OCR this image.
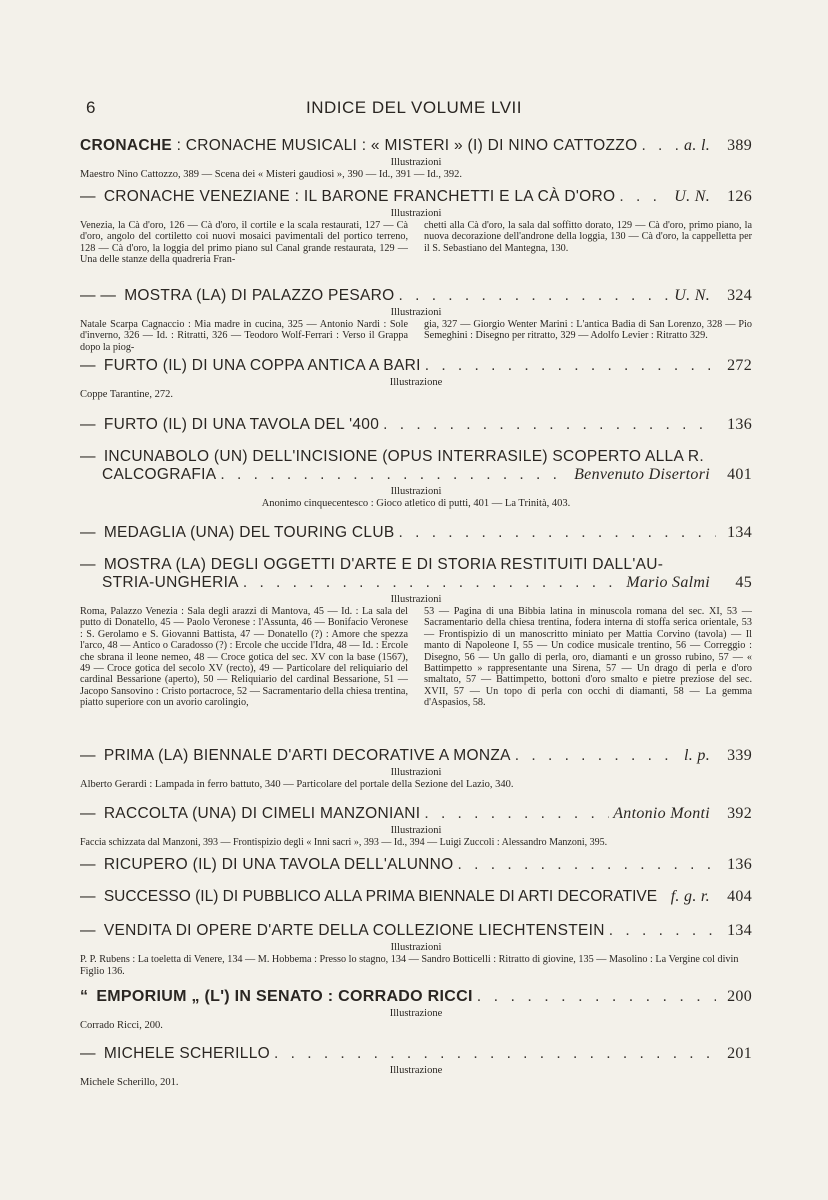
6	INDICE DEL VOLUME LVII
CRONACHE : CRONACHE MUSICALI : « MISTERI » (I) DI NINO CATTOZZO . . .	a. l.	389
Illustrazioni
Maestro Nino Cattozzo, 389 — Scena dei « Misteri gaudiosi », 390 — Id., 391 — Id., 392.
— CRONACHE VENEZIANE : IL BARONE FRANCHETTI E LA CÀ D'ORO . . .	U. N.	126
Illustrazioni
Venezia, la Cà d'oro, 126 — Cà d'oro, il cortile e la scala restaurati, 127 — Cà d'oro, angolo del cortiletto coi nuovi mosaici pavimentali del portico terreno, 128 — Cà d'oro, la loggia del primo piano sul Canal grande restaurata, 129 — Una delle stanze della quadreria Fran-
chetti alla Cà d'oro, la sala dal soffitto dorato, 129 — Cà d'oro, primo piano, la nuova decorazione dell'androne della loggia, 130 — Cà d'oro, la cappelletta per il S. Sebastiano del Mantegna, 130.
— — MOSTRA (LA) DI PALAZZO PESARO . . .	U. N.	324
Illustrazioni
Natale Scarpa Cagnaccio : Mia madre in cucina, 325 — Antonio Nardi : Sole d'inverno, 326 — Id. : Ritratti, 326 — Teodoro Wolf-Ferrari : Verso il Grappa dopo la piog-
gia, 327 — Giorgio Wenter Marini : L'antica Badia di San Lorenzo, 328 — Pio Semeghini : Disegno per ritratto, 329 — Adolfo Levier : Ritratto 329.
— FURTO (IL) DI UNA COPPA ANTICA A BARI . . .	272
Illustrazione
Coppe Tarantine, 272.
— FURTO (IL) DI UNA TAVOLA DEL '400 . . .	136
— INCUNABOLO (UN) DELL'INCISIONE (OPUS INTERRASILE) SCOPERTO ALLA R.
CALCOGRAFIA . . .	Benvenuto Disertori	401
Illustrazioni
Anonimo cinquecentesco : Gioco atletico di putti, 401 — La Trinità, 403.
— MEDAGLIA (UNA) DEL TOURING CLUB . . .	134
— MOSTRA (LA) DEGLI OGGETTI D'ARTE E DI STORIA RESTITUITI DALL'AU-
STRIA-UNGHERIA . . .	Mario Salmi	45
Illustrazioni
Roma, Palazzo Venezia : Sala degli arazzi di Mantova, 45 — Id. : La sala del putto di Donatello, 45 — Paolo Veronese : l'Assunta, 46 — Bonifacio Veronese : S. Gerolamo e S. Giovanni Battista, 47 — Donatello (?) : Amore che spezza l'arco, 48 — Antico o Caradosso (?) : Ercole che uccide l'Idra, 48 — Id. : Ercole che sbrana il leone nemeo, 48 — Croce gotica del sec. XV con la base (1567), 49 — Croce gotica del secolo XV (recto), 49 — Particolare del reliquiario del cardinal Bessarione (aperto), 50 — Reliquiario del cardinal Bessarione, 51 — Jacopo Sansovino : Cristo portacroce, 52 — Sacramentario della chiesa trentina, piatto superiore con un avorio carolingio,
53 — Pagina di una Bibbia latina in minuscola romana del sec. XI, 53 — Sacramentario della chiesa trentina, fodera interna di stoffa serica orientale, 53 — Frontispizio di un manoscritto miniato per Mattia Corvino (tavola) — Il manto di Napoleone I, 55 — Un codice musicale trentino, 56 — Correggio : Disegno, 56 — Un gallo di perla, oro, diamanti e un grosso rubino, 57 — « Battimpetto » rappresentante una Sirena, 57 — Un drago di perla e d'oro smaltato, 57 — Battimpetto, bottoni d'oro smalto e pietre preziose del sec. XVII, 57 — Un topo di perla con occhi di diamanti, 58 — La gemma d'Aspasios, 58.
— PRIMA (LA) BIENNALE D'ARTI DECORATIVE A MONZA . . .	l. p.	339
Illustrazioni
Alberto Gerardi : Lampada in ferro battuto, 340 — Particolare del portale della Sezione del Lazio, 340.
— RACCOLTA (UNA) DI CIMELI MANZONIANI . . .	Antonio Monti	392
Illustrazioni
Faccia schizzata dal Manzoni, 393 — Frontispizio degli « Inni sacri », 393 — Id., 394 — Luigi Zuccoli : Alessandro Manzoni, 395.
— RICUPERO (IL) DI UNA TAVOLA DELL'ALUNNO . . .	136
— SUCCESSO (IL) DI PUBBLICO ALLA PRIMA BIENNALE DI ARTI DECORATIVE f. g. r.	404
— VENDITA DI OPERE D'ARTE DELLA COLLEZIONE LIECHTENSTEIN . . .	134
Illustrazioni
P. P. Rubens : La toeletta di Venere, 134 — M. Hobbema : Presso lo stagno, 134 — Sandro Botticelli : Ritratto di giovine, 135 — Masolino : La Vergine col divin Figlio 136.
“ EMPORIUM „ (L') IN SENATO : CORRADO RICCI . . .	200
Illustrazione
Corrado Ricci, 200.
— MICHELE SCHERILLO . . .	201
Illustrazione
Michele Scherillo, 201.
